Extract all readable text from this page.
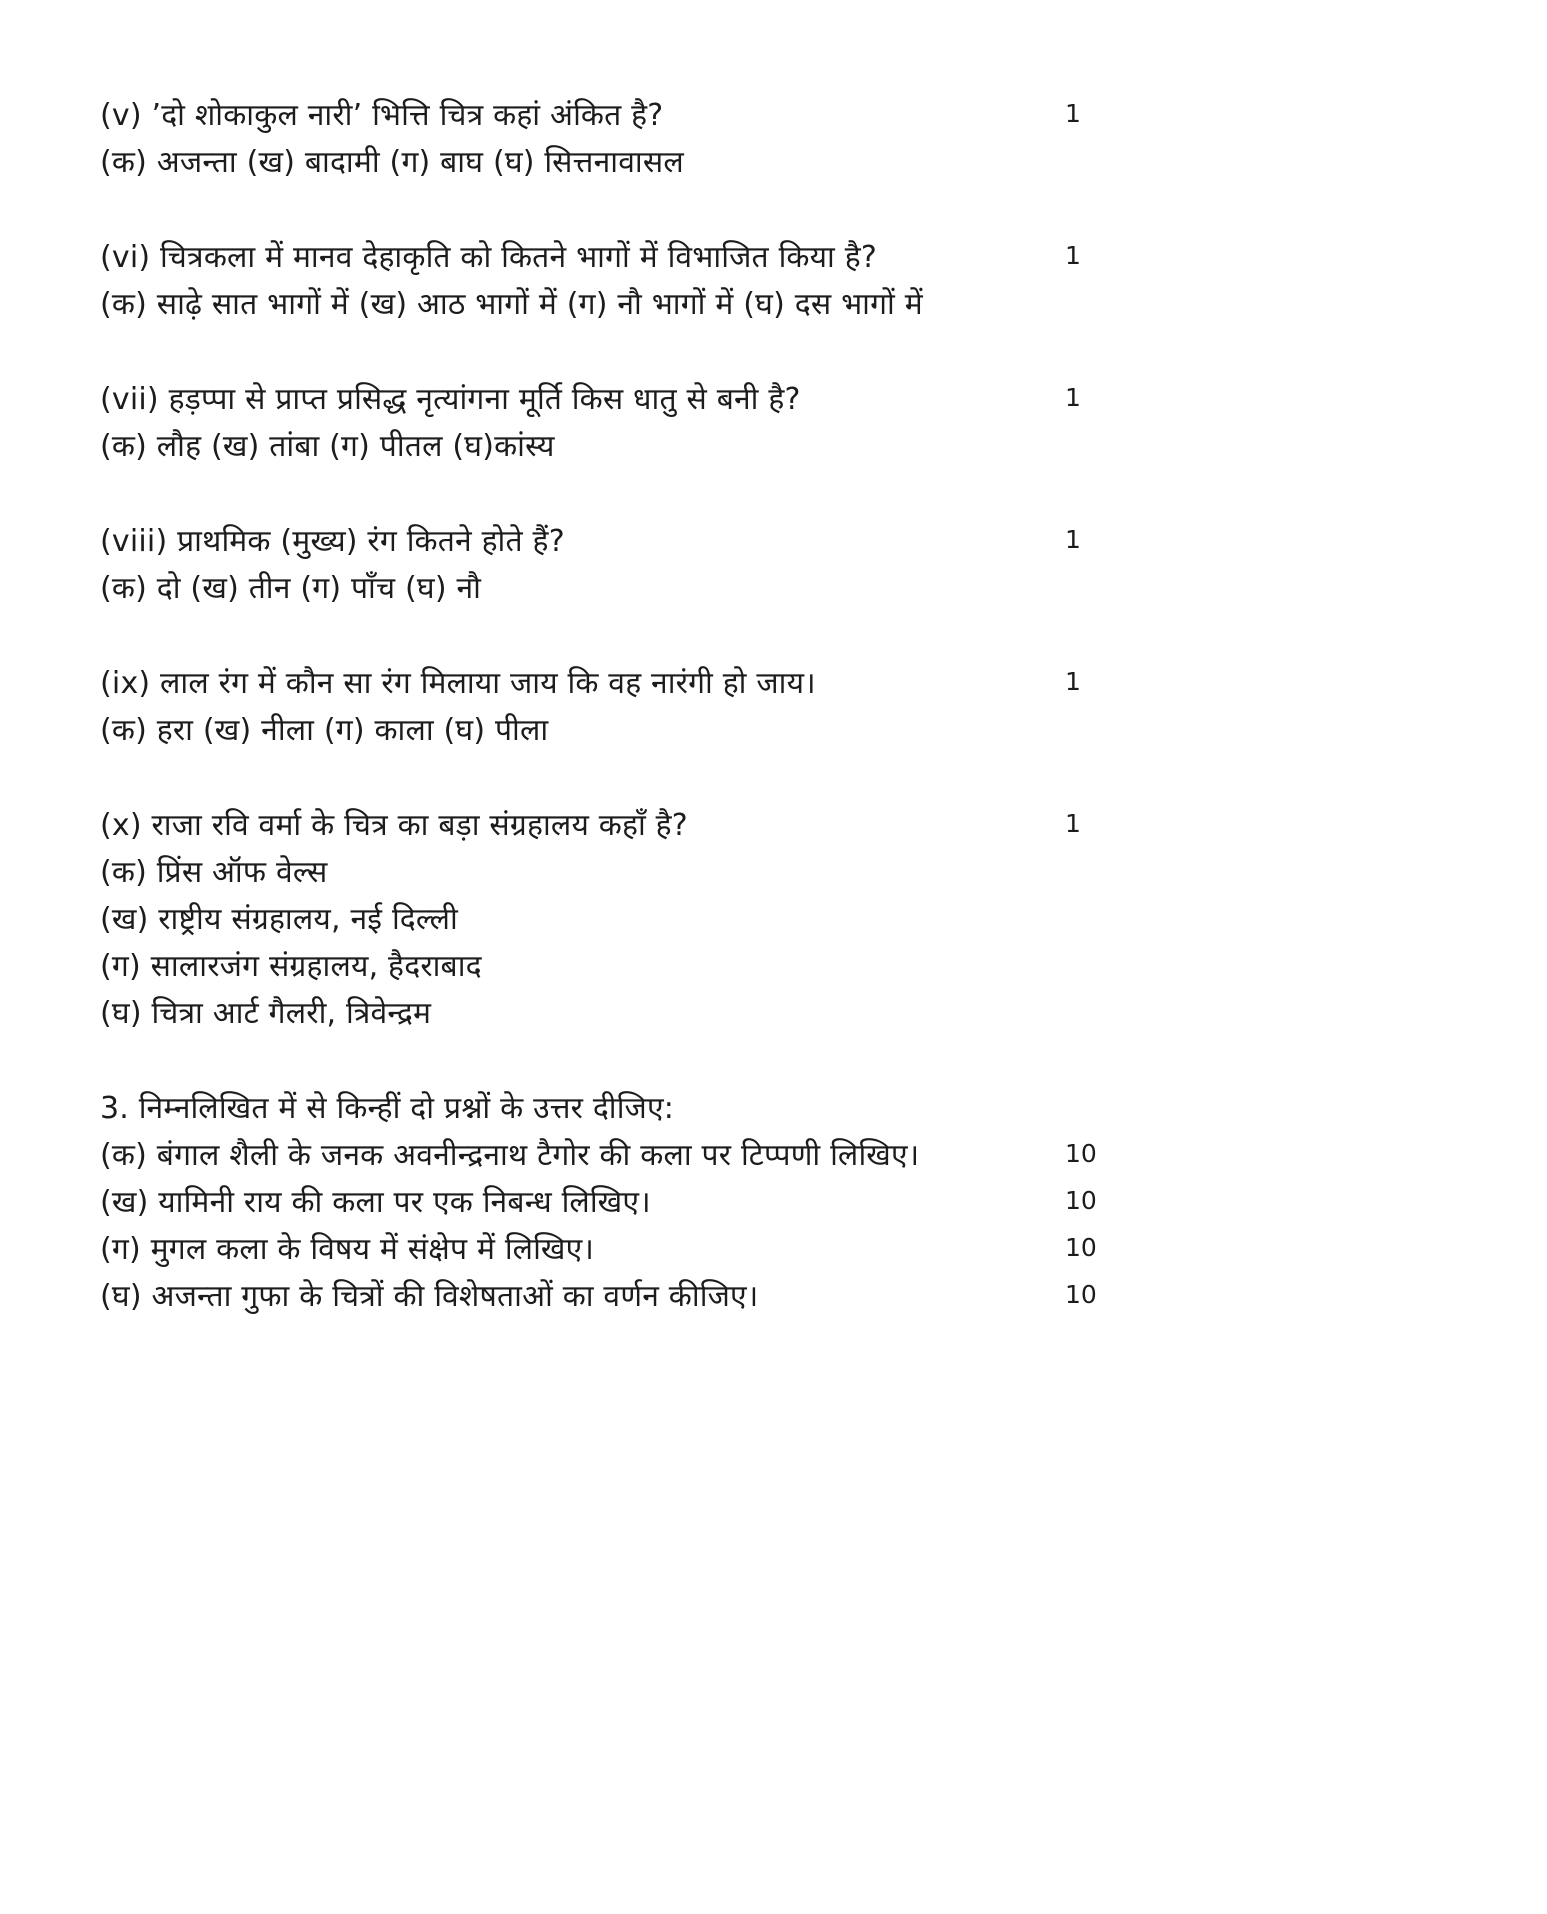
(v) ’दो शोकाकुल नारी’ भित्ति चित्र कहां अंकित है?	1
(क) अजन्ता (ख) बादामी (ग) बाघ (घ) सित्तनावासल
(vi) चित्रकला में मानव देहाकृति को कितने भागों में विभाजित किया है?	1
(क) साढ़े सात भागों में (ख) आठ भागों में (ग) नौ भागों में (घ) दस भागों में
(vii) हड़प्पा से प्राप्त प्रसिद्ध नृत्यांगना मूर्ति किस धातु से बनी है?	1
(क) लौह (ख) तांबा (ग) पीतल (घ)कांस्य
(viii) प्राथमिक (मुख्य) रंग कितने होते हैं?	1
(क) दो (ख) तीन (ग) पाँच (घ) नौ
(ix) लाल रंग में कौन सा रंग मिलाया जाय कि वह नारंगी हो जाय।	1
(क) हरा (ख) नीला (ग) काला (घ) पीला
(x) राजा रवि वर्मा के चित्र का बड़ा संग्रहालय कहाँ है?	1
(क) प्रिंस ऑफ वेल्स
(ख) राष्ट्रीय संग्रहालय, नई दिल्ली
(ग) सालारजंग संग्रहालय, हैदराबाद
(घ) चित्रा आर्ट गैलरी, त्रिवेन्द्रम
3. निम्नलिखित में से किन्हीं दो प्रश्नों के उत्तर दीजिए:
(क) बंगाल शैली के जनक अवनीन्द्रनाथ टैगोर की कला पर टिप्पणी लिखिए।	10
(ख) यामिनी राय की कला पर एक निबन्ध लिखिए।	10
(ग) मुगल कला के विषय में संक्षेप में लिखिए।	10
(घ) अजन्ता गुफा के चित्रों की विशेषताओं का वर्णन कीजिए।	10
